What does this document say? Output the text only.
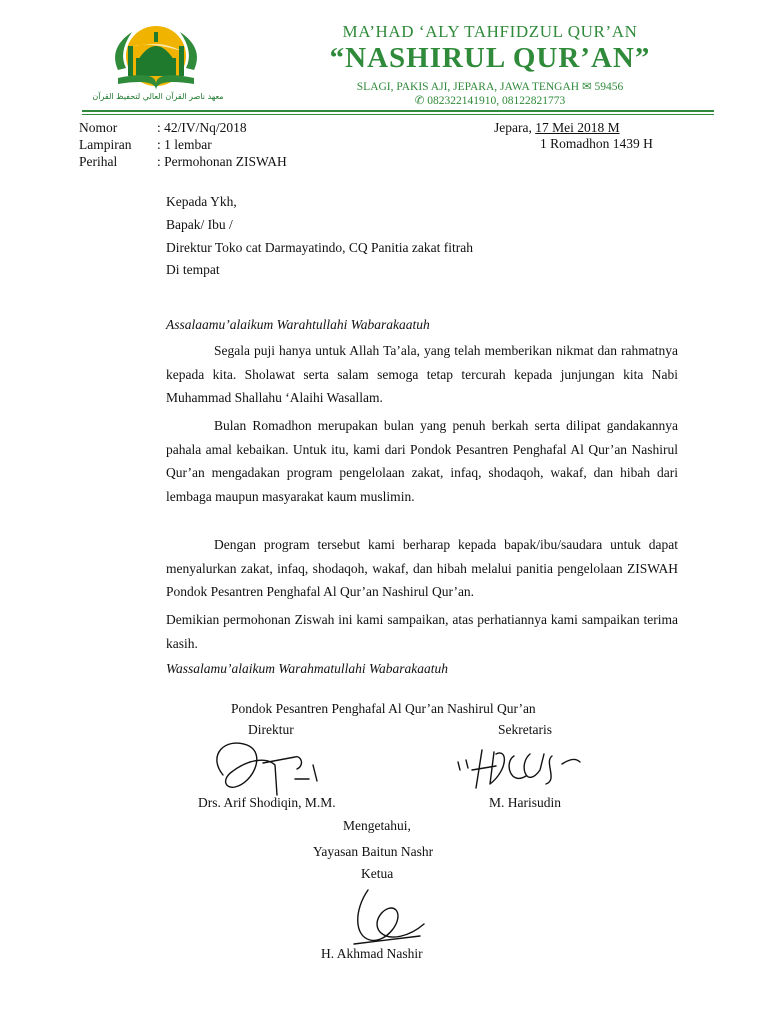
معهد ناصر القرآن العالي لتحفيظ القرآن
MA’HAD ‘ALY TAHFIDZUL QUR’AN
“NASHIRUL QUR’AN”
SLAGI, PAKIS AJI, JEPARA, JAWA TENGAH ✉ 59456
✆ 082322141910, 08122821773
Nomor	: 42/IV/Nq/2018
Lampiran : 1 lembar
Perihal	: Permohonan ZISWAH
Jepara, 17 Mei 2018 M
1 Romadhon 1439 H
Kepada Ykh,
Bapak/ Ibu /
Direktur Toko cat Darmayatindo, CQ Panitia zakat fitrah
Di tempat
Assalaamu’alaikum Warahtullahi Wabarakaatuh
Segala puji hanya untuk Allah Ta’ala, yang telah memberikan nikmat dan rahmatnya kepada kita. Sholawat serta salam semoga tetap tercurah kepada junjungan kita Nabi Muhammad Shallahu ‘Alaihi Wasallam.
Bulan Romadhon merupakan bulan yang penuh berkah serta dilipat gandakannya pahala amal kebaikan. Untuk itu, kami dari Pondok Pesantren Penghafal Al Qur’an Nashirul Qur’an mengadakan program pengelolaan zakat, infaq, shodaqoh, wakaf, dan hibah dari lembaga maupun masyarakat kaum muslimin.
Dengan program tersebut kami berharap kepada bapak/ibu/saudara untuk dapat menyalurkan zakat, infaq, shodaqoh, wakaf, dan hibah melalui panitia pengelolaan ZISWAH Pondok Pesantren Penghafal Al Qur’an Nashirul Qur’an.
Demikian permohonan Ziswah ini kami sampaikan, atas perhatiannya kami sampaikan terima kasih.
Wassalamu’alaikum Warahmatullahi Wabarakaatuh
Pondok Pesantren Penghafal Al Qur’an Nashirul Qur’an
Direktur	Sekretaris
Drs. Arif Shodiqin, M.M.	M. Harisudin
Mengetahui,
Yayasan Baitun Nashr
Ketua
H. Akhmad Nashir
